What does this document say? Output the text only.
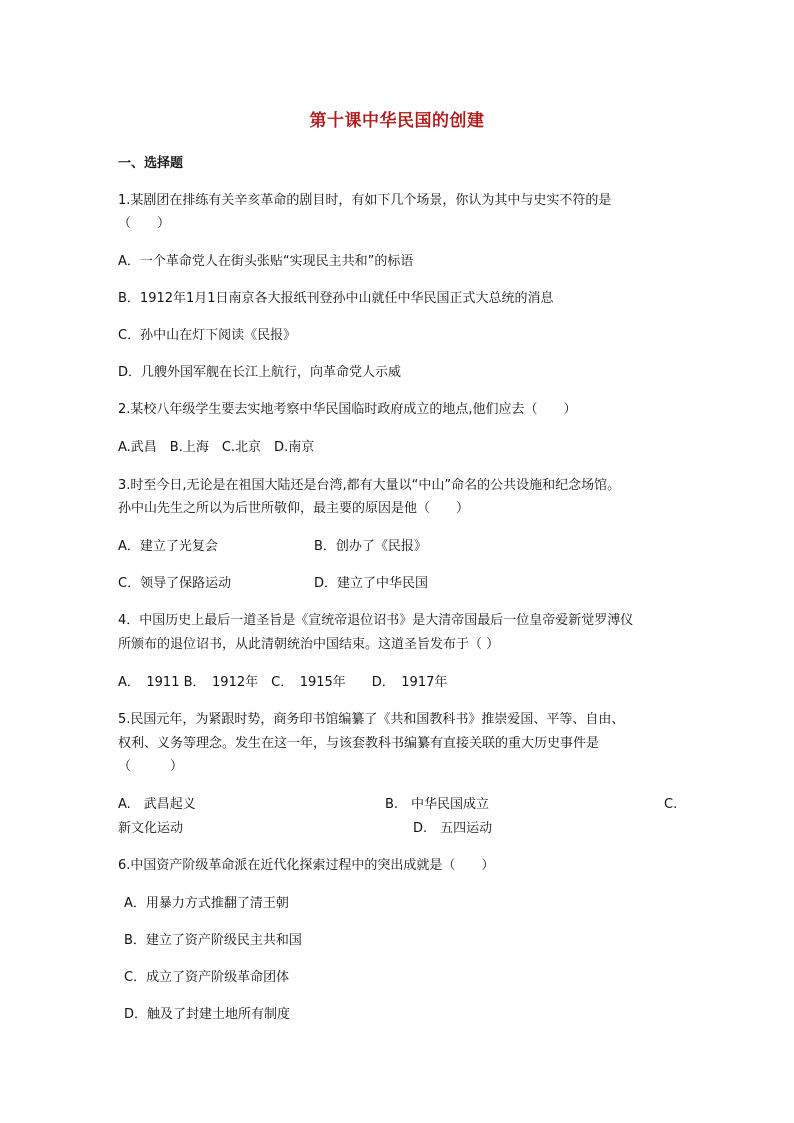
第十课中华民国的创建
一、选择题
1.某剧团在排练有关辛亥革命的剧目时，有如下几个场景，你认为其中与史实不符的是
（　　）
A．一个革命党人在街头张贴“实现民主共和”的标语
B．1912年1月1日南京各大报纸刊登孙中山就任中华民国正式大总统的消息
C．孙中山在灯下阅读《民报》
D．几艘外国军舰在长江上航行，向革命党人示威
2.某校八年级学生要去实地考察中华民国临时政府成立的地点,他们应去（　　）
A.武昌　B.上海　C.北京　D.南京
3.时至今日,无论是在祖国大陆还是台湾,都有大量以“中山”命名的公共设施和纪念场馆。
孙中山先生之所以为后世所敬仰，最主要的原因是他（　　）
A．建立了光复会	B．创办了《民报》
C．领导了保路运动	D．建立了中华民国
4．中国历史上最后一道圣旨是《宣统帝退位诏书》是大清帝国最后一位皇帝爱新觉罗溥仪
所颁布的退位诏书，从此清朝统治中国结束。这道圣旨发布于（ ）
A．　1911 B．　1912年　C．　1915年　　D．　1917年
5.民国元年，为紧跟时势，商务印书馆编纂了《共和国教科书》推崇爱国、平等、自由、
权利、义务等理念。发生在这一年，与该套教科书编纂有直接关联的重大历史事件是
（　　　）
A.　武昌起义	B.　中华民国成立	C.
新文化运动	D.　五四运动
6.中国资产阶级革命派在近代化探索过程中的突出成就是（　　）
A．用暴力方式推翻了清王朝
B．建立了资产阶级民主共和国
C．成立了资产阶级革命团体
D．触及了封建土地所有制度
